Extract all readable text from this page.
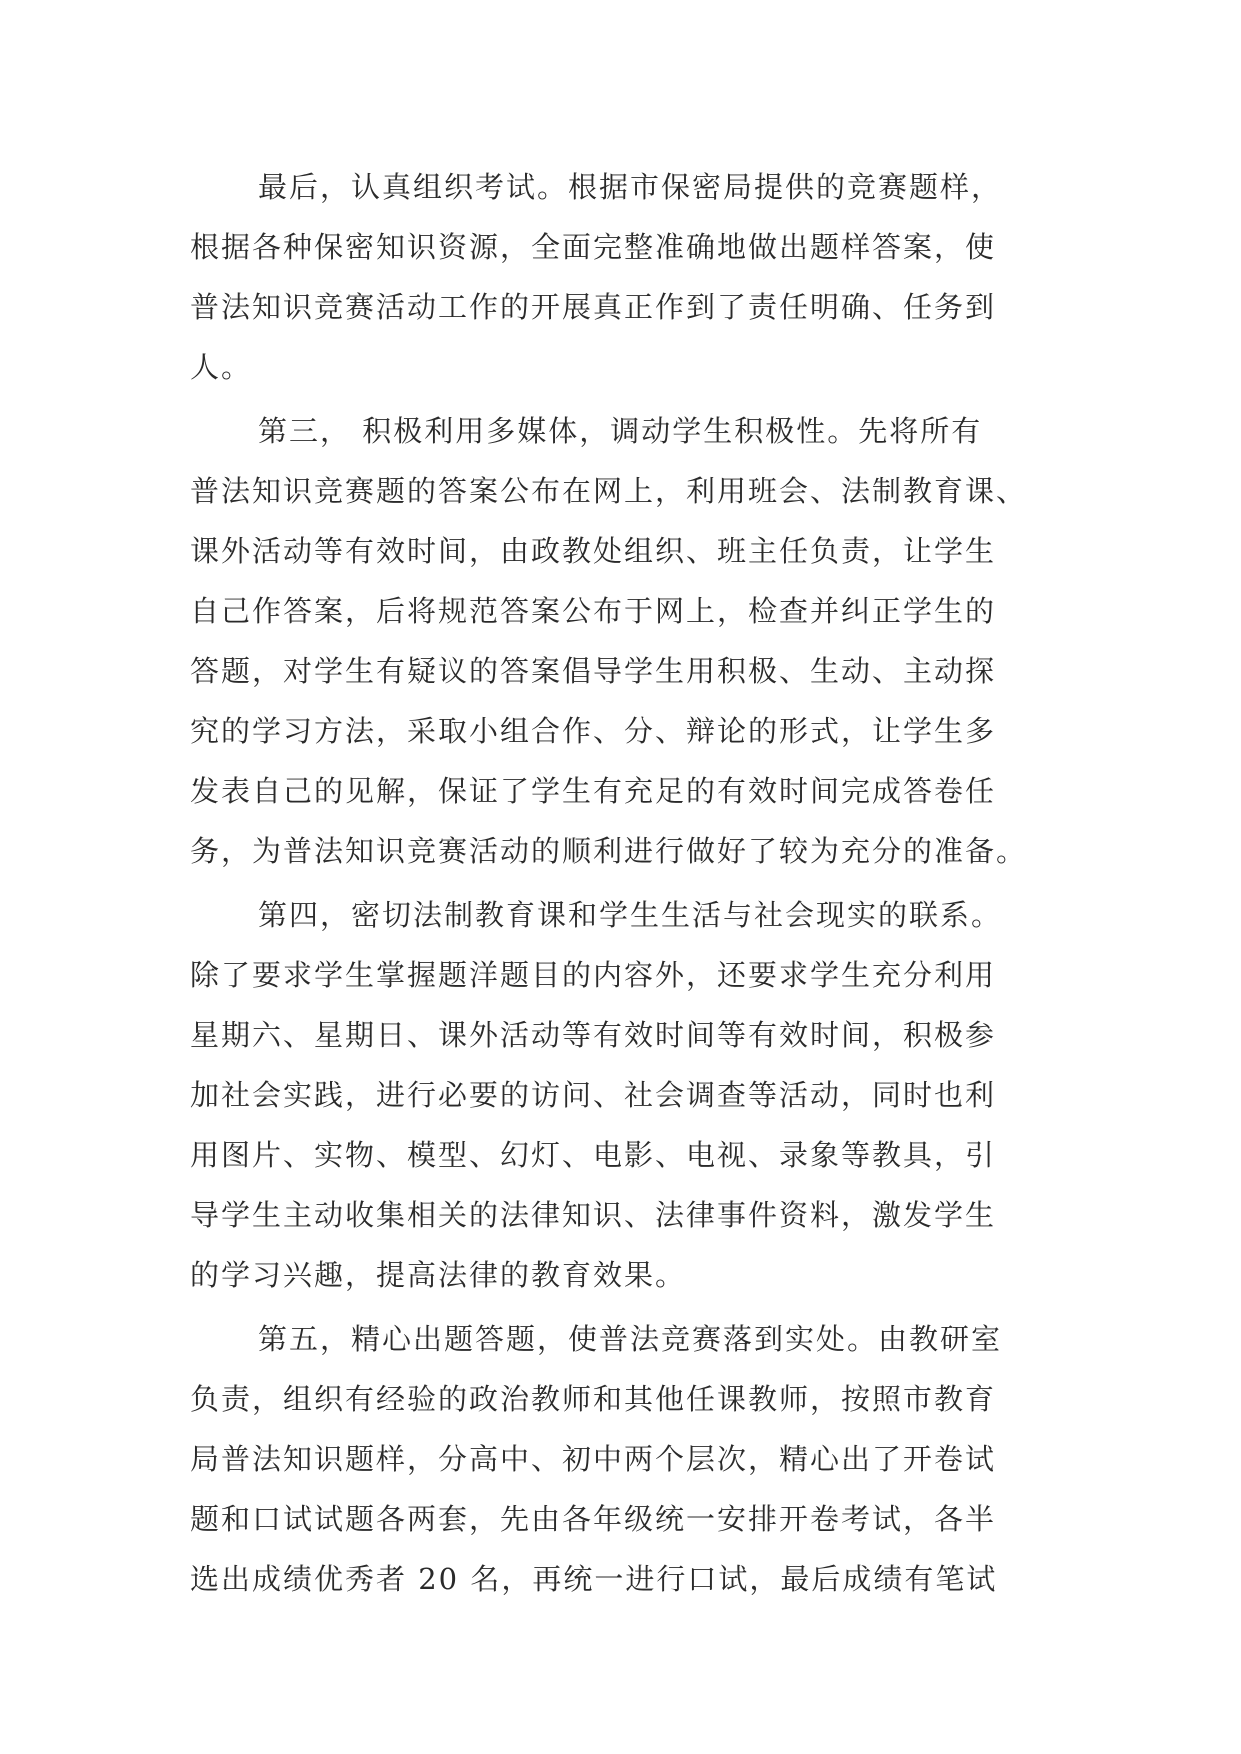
最后，认真组织考试。根据市保密局提供的竞赛题样，
根据各种保密知识资源，全面完整准确地做出题样答案，使
普法知识竞赛活动工作的开展真正作到了责任明确、任务到
人。
第三， 积极利用多媒体，调动学生积极性。先将所有
普法知识竞赛题的答案公布在网上，利用班会、法制教育课、
课外活动等有效时间，由政教处组织、班主任负责，让学生
自己作答案，后将规范答案公布于网上，检查并纠正学生的
答题，对学生有疑议的答案倡导学生用积极、生动、主动探
究的学习方法，采取小组合作、分、辩论的形式，让学生多
发表自己的见解，保证了学生有充足的有效时间完成答卷任
务，为普法知识竞赛活动的顺利进行做好了较为充分的准备。
第四，密切法制教育课和学生生活与社会现实的联系。
除了要求学生掌握题洋题目的内容外，还要求学生充分利用
星期六、星期日、课外活动等有效时间等有效时间，积极参
加社会实践，进行必要的访问、社会调查等活动，同时也利
用图片、实物、模型、幻灯、电影、电视、录象等教具，引
导学生主动收集相关的法律知识、法律事件资料，激发学生
的学习兴趣，提高法律的教育效果。
第五，精心出题答题，使普法竞赛落到实处。由教研室
负责，组织有经验的政治教师和其他任课教师，按照市教育
局普法知识题样，分高中、初中两个层次，精心出了开卷试
题和口试试题各两套，先由各年级统一安排开卷考试，各半
选出成绩优秀者 20 名，再统一进行口试，最后成绩有笔试
